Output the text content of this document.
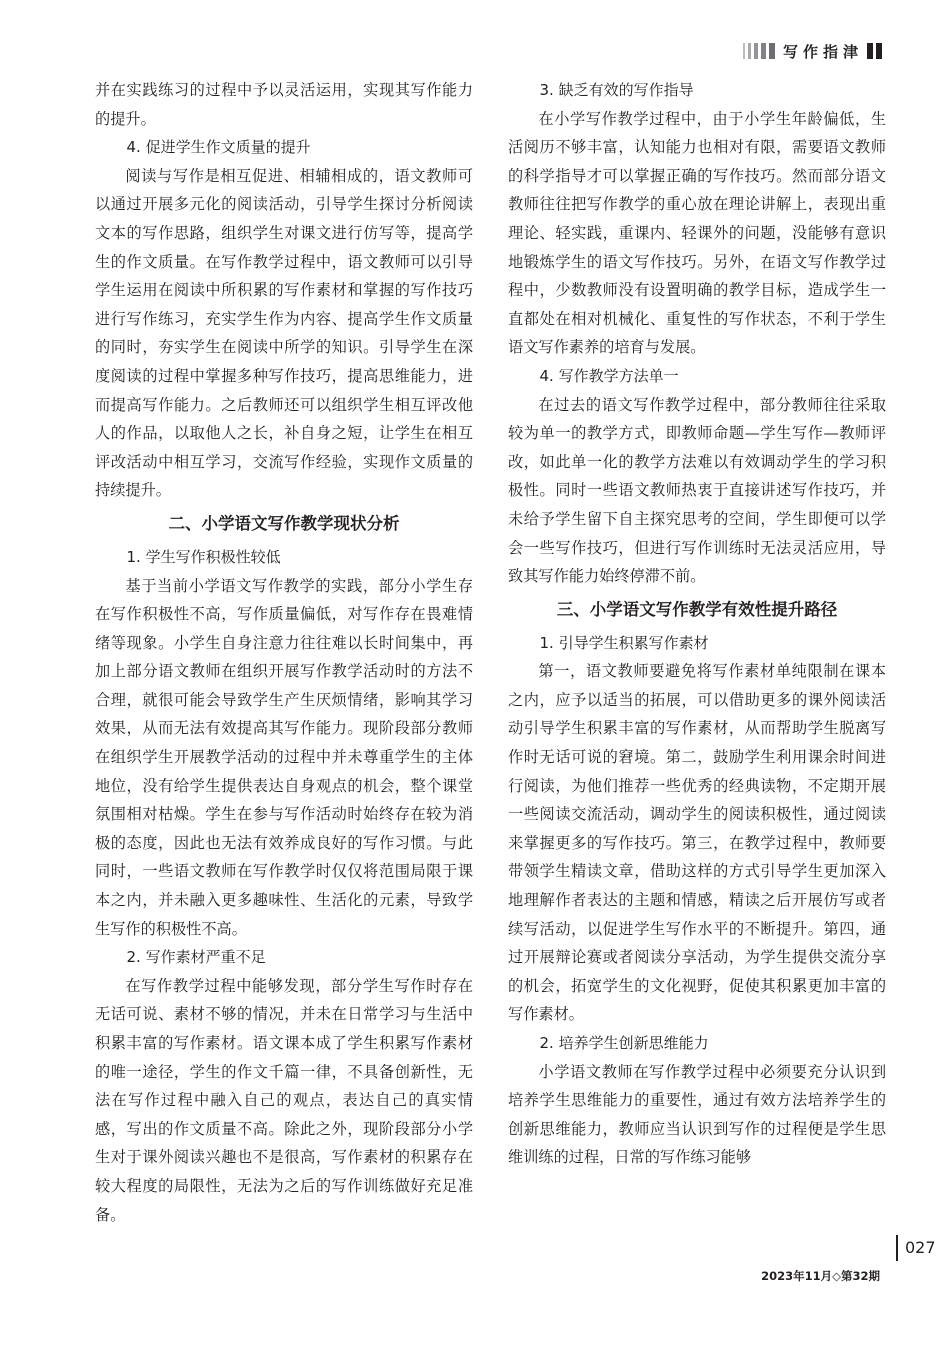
写作指津

并在实践练习的过程中予以灵活运用，实现其写作能力的提升。

4. 促进学生作文质量的提升

阅读与写作是相互促进、相辅相成的，语文教师可以通过开展多元化的阅读活动，引导学生探讨分析阅读文本的写作思路，组织学生对课文进行仿写等，提高学生的作文质量。在写作教学过程中，语文教师可以引导学生运用在阅读中所积累的写作素材和掌握的写作技巧进行写作练习，充实学生作为内容、提高学生作文质量的同时，夯实学生在阅读中所学的知识。引导学生在深度阅读的过程中掌握多种写作技巧，提高思维能力，进而提高写作能力。之后教师还可以组织学生相互评改他人的作品，以取他人之长，补自身之短，让学生在相互评改活动中相互学习，交流写作经验，实现作文质量的持续提升。

二、小学语文写作教学现状分析
1. 学生写作积极性较低

基于当前小学语文写作教学的实践，部分小学生存在写作积极性不高，写作质量偏低，对写作存在畏难情绪等现象。小学生自身注意力往往难以长时间集中，再加上部分语文教师在组织开展写作教学活动时的方法不合理，就很可能会导致学生产生厌烦情绪，影响其学习效果，从而无法有效提高其写作能力。现阶段部分教师在组织学生开展教学活动的过程中并未尊重学生的主体地位，没有给学生提供表达自身观点的机会，整个课堂氛围相对枯燥。学生在参与写作活动时始终存在较为消极的态度，因此也无法有效养成良好的写作习惯。与此同时，一些语文教师在写作教学时仅仅将范围局限于课本之内，并未融入更多趣味性、生活化的元素，导致学生写作的积极性不高。

2. 写作素材严重不足

在写作教学过程中能够发现，部分学生写作时存在无话可说、素材不够的情况，并未在日常学习与生活中积累丰富的写作素材。语文课本成了学生积累写作素材的唯一途径，学生的作文千篇一律，不具备创新性，无法在写作过程中融入自己的观点，表达自己的真实情感，写出的作文质量不高。除此之外，现阶段部分小学生对于课外阅读兴趣也不是很高，写作素材的积累存在较大程度的局限性，无法为之后的写作训练做好充足准备。

3. 缺乏有效的写作指导

在小学写作教学过程中，由于小学生年龄偏低，生活阅历不够丰富，认知能力也相对有限，需要语文教师的科学指导才可以掌握正确的写作技巧。然而部分语文教师往往把写作教学的重心放在理论讲解上，表现出重理论、轻实践，重课内、轻课外的问题，没能够有意识地锻炼学生的语文写作技巧。另外，在语文写作教学过程中，少数教师没有设置明确的教学目标，造成学生一直都处在相对机械化、重复性的写作状态，不利于学生语文写作素养的培育与发展。

4. 写作教学方法单一

在过去的语文写作教学过程中，部分教师往往采取较为单一的教学方式，即教师命题—学生写作—教师评改，如此单一化的教学方法难以有效调动学生的学习积极性。同时一些语文教师热衷于直接讲述写作技巧，并未给予学生留下自主探究思考的空间，学生即便可以学会一些写作技巧，但进行写作训练时无法灵活应用，导致其写作能力始终停滞不前。

三、小学语文写作教学有效性提升路径
1. 引导学生积累写作素材

第一，语文教师要避免将写作素材单纯限制在课本之内，应予以适当的拓展，可以借助更多的课外阅读活动引导学生积累丰富的写作素材，从而帮助学生脱离写作时无话可说的窘境。第二，鼓励学生利用课余时间进行阅读，为他们推荐一些优秀的经典读物，不定期开展一些阅读交流活动，调动学生的阅读积极性，通过阅读来掌握更多的写作技巧。第三，在教学过程中，教师要带领学生精读文章，借助这样的方式引导学生更加深入地理解作者表达的主题和情感，精读之后开展仿写或者续写活动，以促进学生写作水平的不断提升。第四，通过开展辩论赛或者阅读分享活动，为学生提供交流分享的机会，拓宽学生的文化视野，促使其积累更加丰富的写作素材。

2. 培养学生创新思维能力

小学语文教师在写作教学过程中必须要充分认识到培养学生思维能力的重要性，通过有效方法培养学生的创新思维能力，教师应当认识到写作的过程便是学生思维训练的过程，日常的写作练习能够

027
2023年11月◇第32期
